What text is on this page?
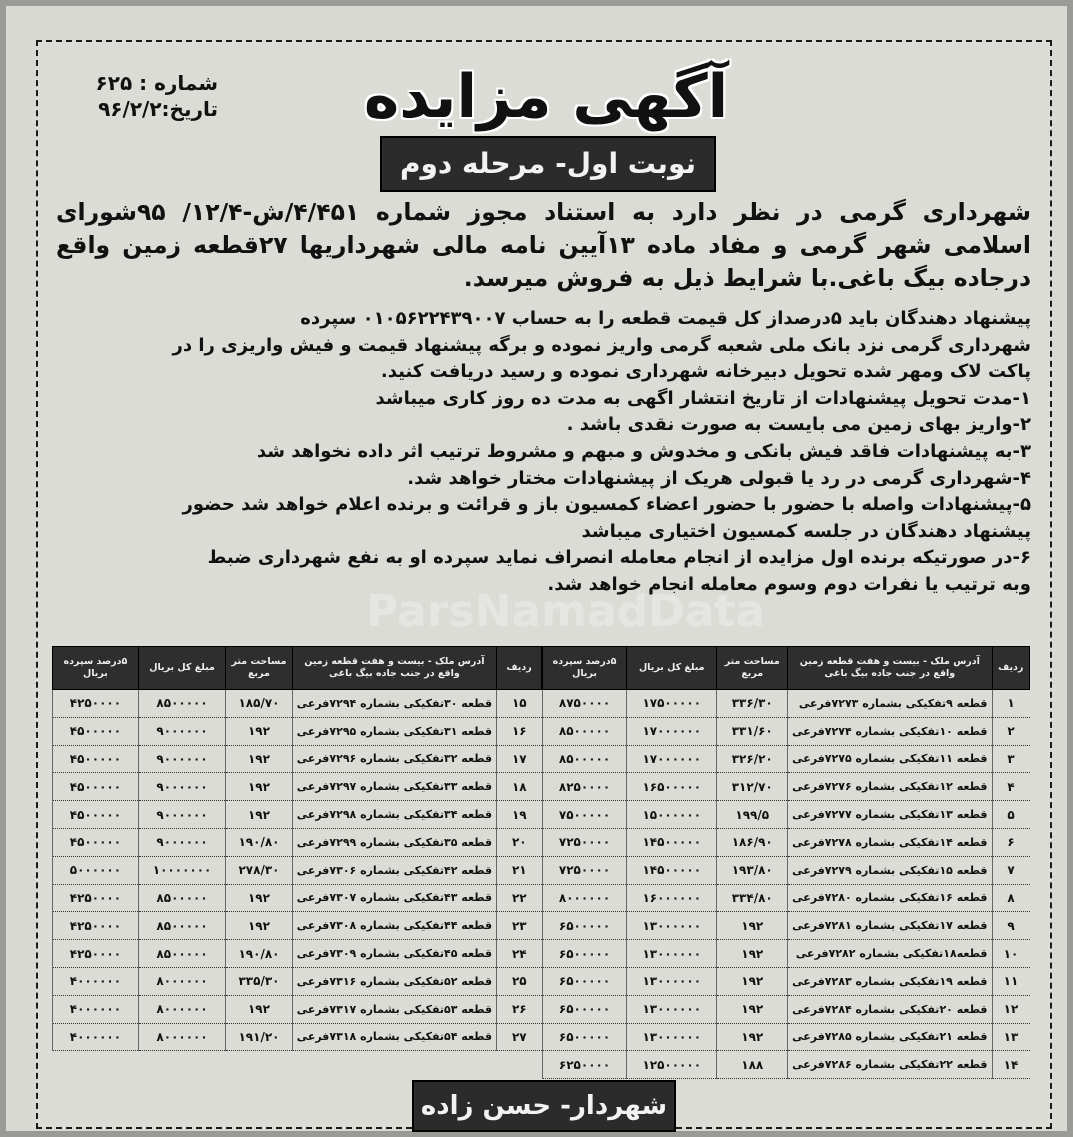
شماره : ۶۲۵
تاریخ:۹۶/۲/۲	آگهی مزایده
نوبت اول- مرحله دوم
شهرداری گرمی در نظر دارد به استناد مجوز شماره ۴/۴۵۱/ش-۱۲/۴/ ۹۵شورای اسلامی شهر گرمی و مفاد ماده ۱۳آیین نامه مالی شهرداریها ۲۷قطعه زمین واقع درجاده بیگ باغی.با شرایط ذیل به فروش میرسد.

پیشنهاد دهندگان باید ۵درصداز کل قیمت قطعه را به حساب ۰۱۰۵۶۲۲۴۳۹۰۰۷ سپرده

شهرداری گرمی نزد بانک ملی شعبه گرمی واریز نموده و برگه پیشنهاد قیمت و فیش واریزی را در

پاکت لاک ومهر شده تحویل دبیرخانه شهرداری نموده و رسید دریافت کنید.

۱-مدت تحویل پیشنهادات از تاریخ انتشار اگهی به مدت ده روز کاری میباشد

۲-واریز بهای زمین می بایست به صورت نقدی باشد .

۳-به پیشنهادات فاقد فیش بانکی و مخدوش و مبهم و مشروط ترتیب اثر داده نخواهد شد

۴-شهرداری گرمی در رد یا قبولی هریک از پیشنهادات مختار خواهد شد.

۵-پیشنهادات واصله با حضور با حضور اعضاء کمسیون باز و قرائت و برنده اعلام خواهد شد حضور

پیشنهاد دهندگان در جلسه کمسیون اختیاری میباشد

۶-در صورتیکه برنده اول مزایده از انجام معامله انصراف نماید سپرده او به نفع شهرداری ضبط

وبه ترتیب یا نفرات دوم وسوم معامله انجام خواهد شد.

ParsNamadData
ردیف	آدرس ملک - بیست و هفت قطعه زمین واقع در جنب جاده بیگ باغی	مساحت متر مربع	مبلغ کل بریال	۵درصد سپرده بریال
۱	قطعه ۹تفکیکی بشماره ۷۲۷۳فرعی	۳۳۶/۳۰	۱۷۵۰۰۰۰۰	۸۷۵۰۰۰۰
۲	قطعه ۱۰تفکیکی بشماره ۷۲۷۴فرعی	۳۳۱/۶۰	۱۷۰۰۰۰۰۰	۸۵۰۰۰۰۰
۳	قطعه ۱۱تفکیکی بشماره ۷۲۷۵فرعی	۳۲۶/۲۰	۱۷۰۰۰۰۰۰	۸۵۰۰۰۰۰
۴	قطعه ۱۲تفکیکی بشماره ۷۲۷۶فرعی	۳۱۲/۷۰	۱۶۵۰۰۰۰۰	۸۲۵۰۰۰۰
۵	قطعه ۱۳تفکیکی بشماره ۷۲۷۷فرعی	۱۹۹/۵	۱۵۰۰۰۰۰۰	۷۵۰۰۰۰۰
۶	قطعه ۱۴تفکیکی بشماره ۷۲۷۸فرعی	۱۸۶/۹۰	۱۴۵۰۰۰۰۰	۷۲۵۰۰۰۰
۷	قطعه ۱۵تفکیکی بشماره ۷۲۷۹فرعی	۱۹۳/۸۰	۱۴۵۰۰۰۰۰	۷۲۵۰۰۰۰
۸	قطعه ۱۶تفکیکی بشماره ۷۲۸۰فرعی	۳۳۴/۸۰	۱۶۰۰۰۰۰۰	۸۰۰۰۰۰۰
۹	قطعه ۱۷تفکیکی بشماره ۷۲۸۱فرعی	۱۹۲	۱۳۰۰۰۰۰۰	۶۵۰۰۰۰۰
۱۰	قطعه۱۸تفکیکی بشماره ۷۲۸۲فرعی	۱۹۲	۱۳۰۰۰۰۰۰	۶۵۰۰۰۰۰
۱۱	قطعه ۱۹تفکیکی بشماره ۷۲۸۳فرعی	۱۹۲	۱۳۰۰۰۰۰۰	۶۵۰۰۰۰۰
۱۲	قطعه ۲۰تفکیکی بشماره ۷۲۸۴فرعی	۱۹۲	۱۳۰۰۰۰۰۰	۶۵۰۰۰۰۰
۱۳	قطعه ۲۱تفکیکی بشماره ۷۲۸۵فرعی	۱۹۲	۱۳۰۰۰۰۰۰	۶۵۰۰۰۰۰
۱۴	قطعه ۲۲تفکیکی بشماره ۷۲۸۶فرعی	۱۸۸	۱۲۵۰۰۰۰۰	۶۲۵۰۰۰۰
ردیف	آدرس ملک - بیست و هفت قطعه زمین واقع در جنب جاده بیگ باغی	مساحت متر مربع	مبلغ کل بریال	۵درصد سپرده بریال
۱۵	قطعه ۳۰تفکیکی بشماره ۷۲۹۴فرعی	۱۸۵/۷۰	۸۵۰۰۰۰۰	۴۲۵۰۰۰۰
۱۶	قطعه ۳۱تفکیکی بشماره ۷۲۹۵فرعی	۱۹۲	۹۰۰۰۰۰۰	۴۵۰۰۰۰۰
۱۷	قطعه ۳۲تفکیکی بشماره ۷۲۹۶فرعی	۱۹۲	۹۰۰۰۰۰۰	۴۵۰۰۰۰۰
۱۸	قطعه ۳۳تفکیکی بشماره ۷۲۹۷فرعی	۱۹۲	۹۰۰۰۰۰۰	۴۵۰۰۰۰۰
۱۹	قطعه ۳۴تفکیکی بشماره ۷۲۹۸فرعی	۱۹۲	۹۰۰۰۰۰۰	۴۵۰۰۰۰۰
۲۰	قطعه ۳۵تفکیکی بشماره ۷۲۹۹فرعی	۱۹۰/۸۰	۹۰۰۰۰۰۰	۴۵۰۰۰۰۰
۲۱	قطعه ۴۲تفکیکی بشماره ۷۳۰۶فرعی	۲۷۸/۳۰	۱۰۰۰۰۰۰۰	۵۰۰۰۰۰۰
۲۲	قطعه ۴۳تفکیکی بشماره ۷۳۰۷فرعی	۱۹۲	۸۵۰۰۰۰۰	۴۲۵۰۰۰۰
۲۳	قطعه ۴۴تفکیکی بشماره ۷۳۰۸فرعی	۱۹۲	۸۵۰۰۰۰۰	۴۲۵۰۰۰۰
۲۴	قطعه ۴۵تفکیکی بشماره ۷۳۰۹فرعی	۱۹۰/۸۰	۸۵۰۰۰۰۰	۴۲۵۰۰۰۰
۲۵	قطعه ۵۲تفکیکی بشماره ۷۳۱۶فرعی	۳۳۵/۳۰	۸۰۰۰۰۰۰	۴۰۰۰۰۰۰
۲۶	قطعه ۵۳تفکیکی بشماره ۷۳۱۷فرعی	۱۹۲	۸۰۰۰۰۰۰	۴۰۰۰۰۰۰
۲۷	قطعه ۵۴تفکیکی بشماره ۷۳۱۸فرعی	۱۹۱/۲۰	۸۰۰۰۰۰۰	۴۰۰۰۰۰۰
شهردار- حسن زاده
